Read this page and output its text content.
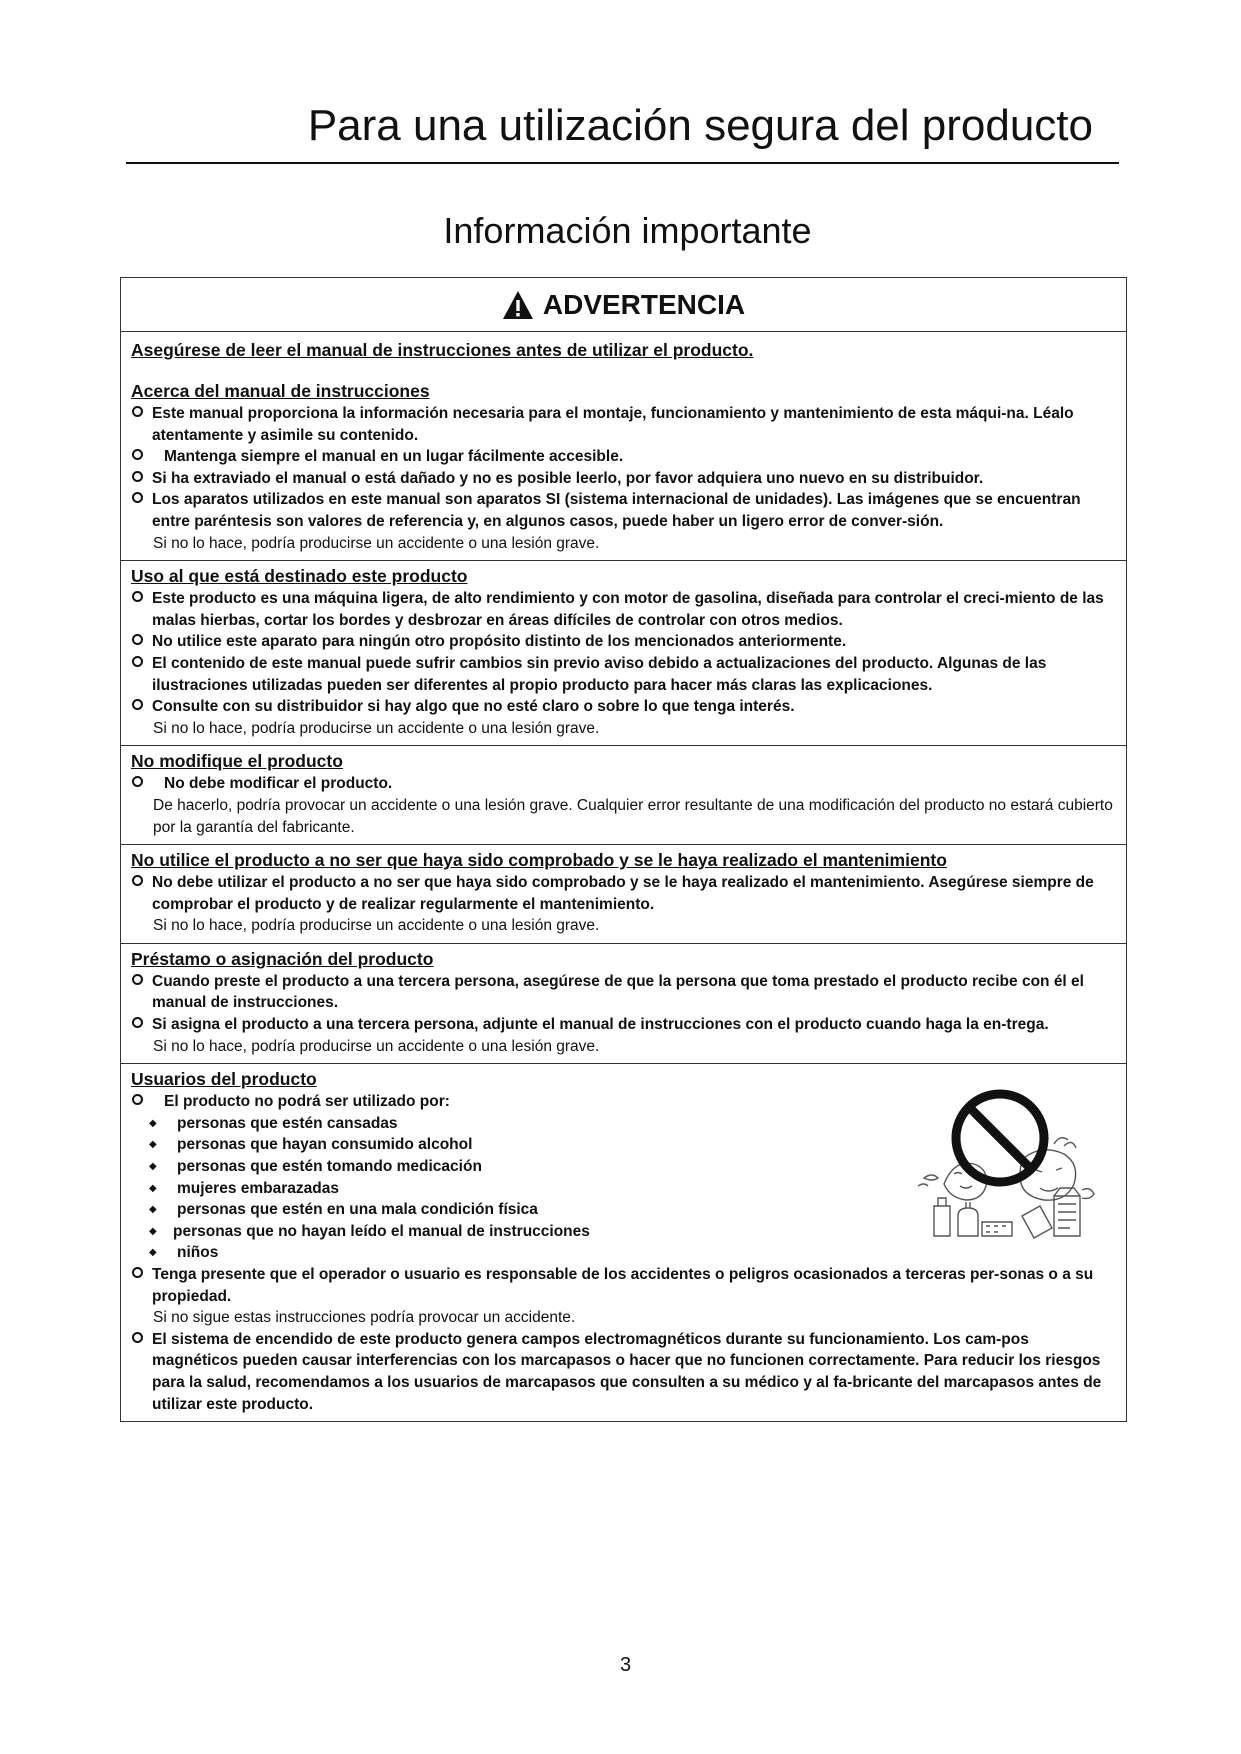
Para una utilización segura del producto
Información importante
ADVERTENCIA
Asegúrese de leer el manual de instrucciones antes de utilizar el producto.
Acerca del manual de instrucciones
Este manual proporciona la información necesaria para el montaje, funcionamiento y mantenimiento de esta máqui-na. Léalo atentamente y asimile su contenido.
Mantenga siempre el manual en un lugar fácilmente accesible.
Si ha extraviado el manual o está dañado y no es posible leerlo, por favor adquiera uno nuevo en su distribuidor.
Los aparatos utilizados en este manual son aparatos SI (sistema internacional de unidades). Las imágenes que se encuentran entre paréntesis son valores de referencia y, en algunos casos, puede haber un ligero error de conver-sión.
Si no lo hace, podría producirse un accidente o una lesión grave.
Uso al que está destinado este producto
Este producto es una máquina ligera, de alto rendimiento y con motor de gasolina, diseñada para controlar el creci-miento de las malas hierbas, cortar los bordes y desbrozar en áreas difíciles de controlar con otros medios.
No utilice este aparato para ningún otro propósito distinto de los mencionados anteriormente.
El contenido de este manual puede sufrir cambios sin previo aviso debido a actualizaciones del producto. Algunas de las ilustraciones utilizadas pueden ser diferentes al propio producto para hacer más claras las explicaciones.
Consulte con su distribuidor si hay algo que no esté claro o sobre lo que tenga interés.
Si no lo hace, podría producirse un accidente o una lesión grave.
No modifique el producto
No debe modificar el producto.
De hacerlo, podría provocar un accidente o una lesión grave. Cualquier error resultante de una modificación del producto no estará cubierto por la garantía del fabricante.
No utilice el producto a no ser que haya sido comprobado y se le haya realizado el mantenimiento
No debe utilizar el producto a no ser que haya sido comprobado y se le haya realizado el mantenimiento. Asegúrese siempre de comprobar el producto y de realizar regularmente el mantenimiento.
Si no lo hace, podría producirse un accidente o una lesión grave.
Préstamo o asignación del producto
Cuando preste el producto a una tercera persona, asegúrese de que la persona que toma prestado el producto recibe con él el manual de instrucciones.
Si asigna el producto a una tercera persona, adjunte el manual de instrucciones con el producto cuando haga la en-trega.
Si no lo hace, podría producirse un accidente o una lesión grave.
Usuarios del producto
El producto no podrá ser utilizado por:
◆	personas que estén cansadas
◆	personas que hayan consumido alcohol
◆	personas que estén tomando medicación
◆	mujeres embarazadas
◆	personas que estén en una mala condición física
◆	personas que no hayan leído el manual de instrucciones
◆	niños
Tenga presente que el operador o usuario es responsable de los accidentes o peligros ocasionados a terceras per-sonas o a su propiedad.
Si no sigue estas instrucciones podría provocar un accidente.
El sistema de encendido de este producto genera campos electromagnéticos durante su funcionamiento. Los cam-pos magnéticos pueden causar interferencias con los marcapasos o hacer que no funcionen correctamente. Para reducir los riesgos para la salud, recomendamos a los usuarios de marcapasos que consulten a su médico y al fa-bricante del marcapasos antes de utilizar este producto.
3
